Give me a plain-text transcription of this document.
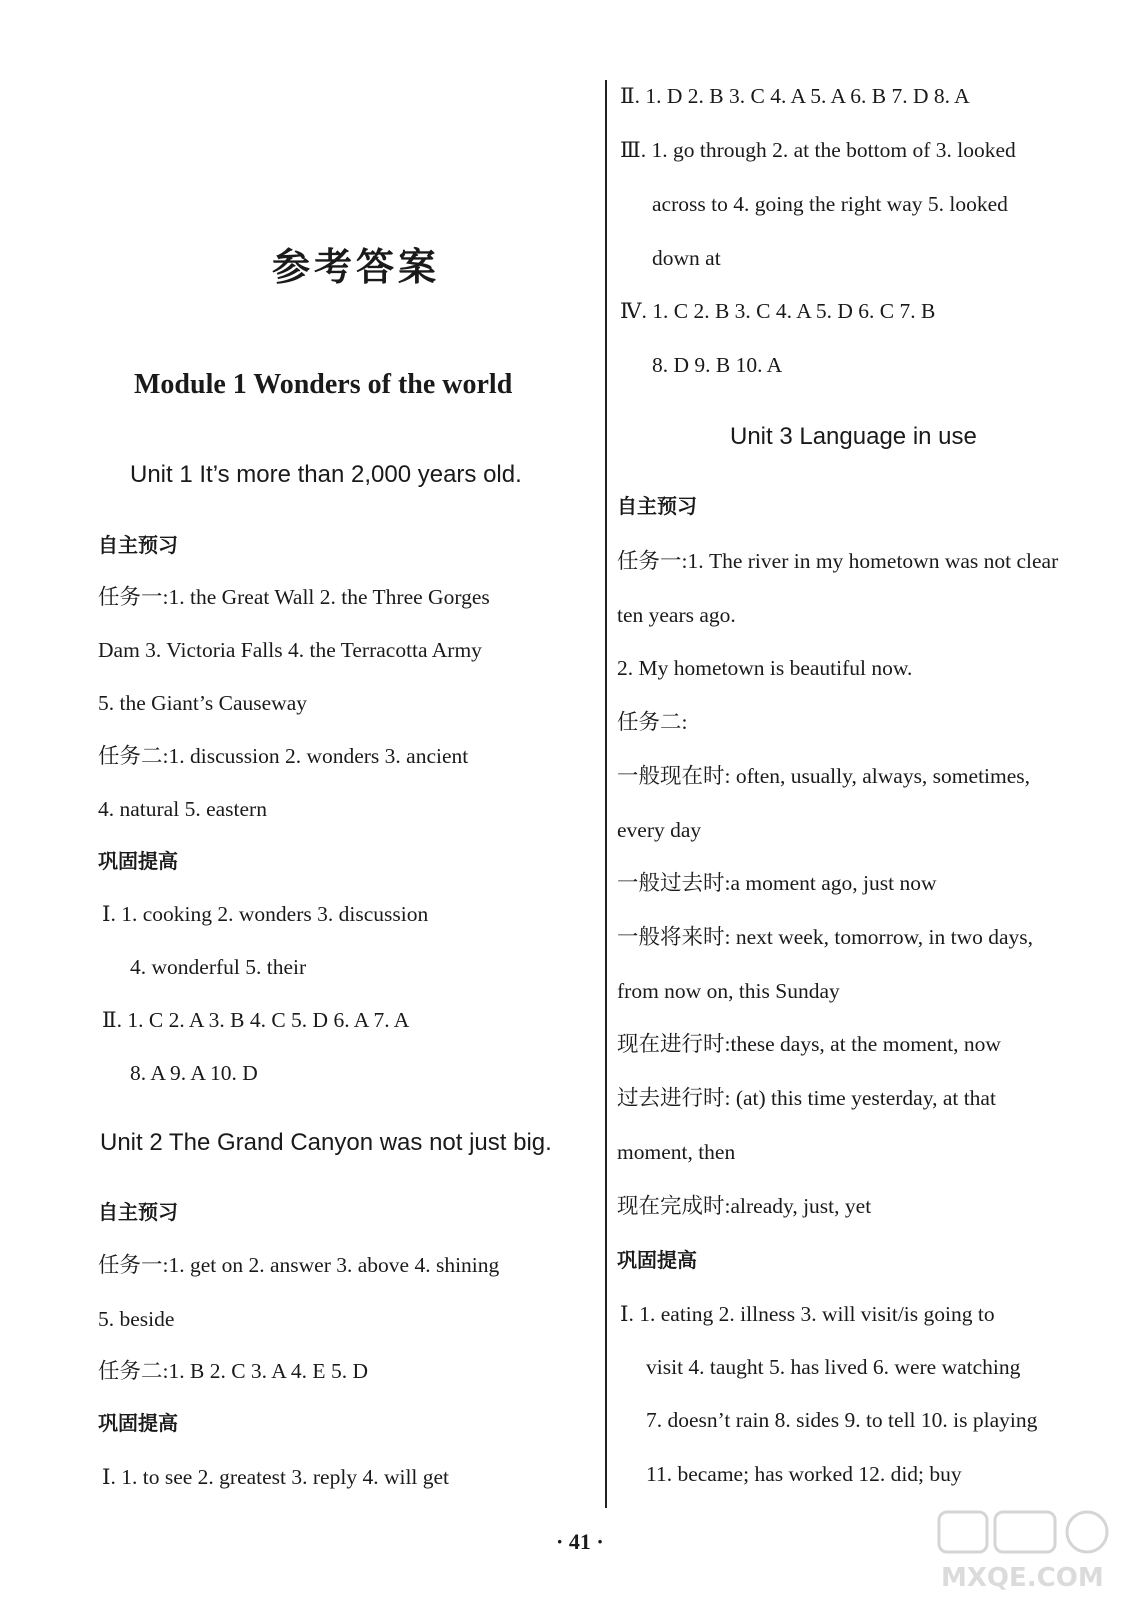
参考答案
Module 1 Wonders of the world
Unit 1 It’s more than 2,000 years old.
自主预习
任务一:1. the Great Wall 2. the Three Gorges
Dam 3. Victoria Falls 4. the Terracotta Army
5. the Giant’s Causeway
任务二:1. discussion 2. wonders 3. ancient
4. natural 5. eastern
巩固提高
Ⅰ. 1. cooking 2. wonders 3. discussion
4. wonderful 5. their
Ⅱ. 1. C 2. A 3. B 4. C 5. D 6. A 7. A
8. A 9. A 10. D
Unit 2 The Grand Canyon was not just big.
自主预习
任务一:1. get on 2. answer 3. above 4. shining
5. beside
任务二:1. B 2. C 3. A 4. E 5. D
巩固提高
Ⅰ. 1. to see 2. greatest 3. reply 4. will get
Ⅱ. 1. D 2. B 3. C 4. A 5. A 6. B 7. D 8. A
Ⅲ. 1. go through 2. at the bottom of 3. looked
across to 4. going the right way 5. looked
down at
Ⅳ. 1. C 2. B 3. C 4. A 5. D 6. C 7. B
8. D 9. B 10. A
Unit 3 Language in use
自主预习
任务一:1. The river in my hometown was not clear
ten years ago.
2. My hometown is beautiful now.
任务二:
一般现在时: often, usually, always, sometimes,
every day
一般过去时:a moment ago, just now
一般将来时: next week, tomorrow, in two days,
from now on, this Sunday
现在进行时:these days, at the moment, now
过去进行时: (at) this time yesterday, at that
moment, then
现在完成时:already, just, yet
巩固提高
Ⅰ. 1. eating 2. illness 3. will visit/is going to
visit 4. taught 5. has lived 6. were watching
7. doesn’t rain 8. sides 9. to tell 10. is playing
11. became; has worked 12. did; buy
· 41 ·
MXQE.COM
